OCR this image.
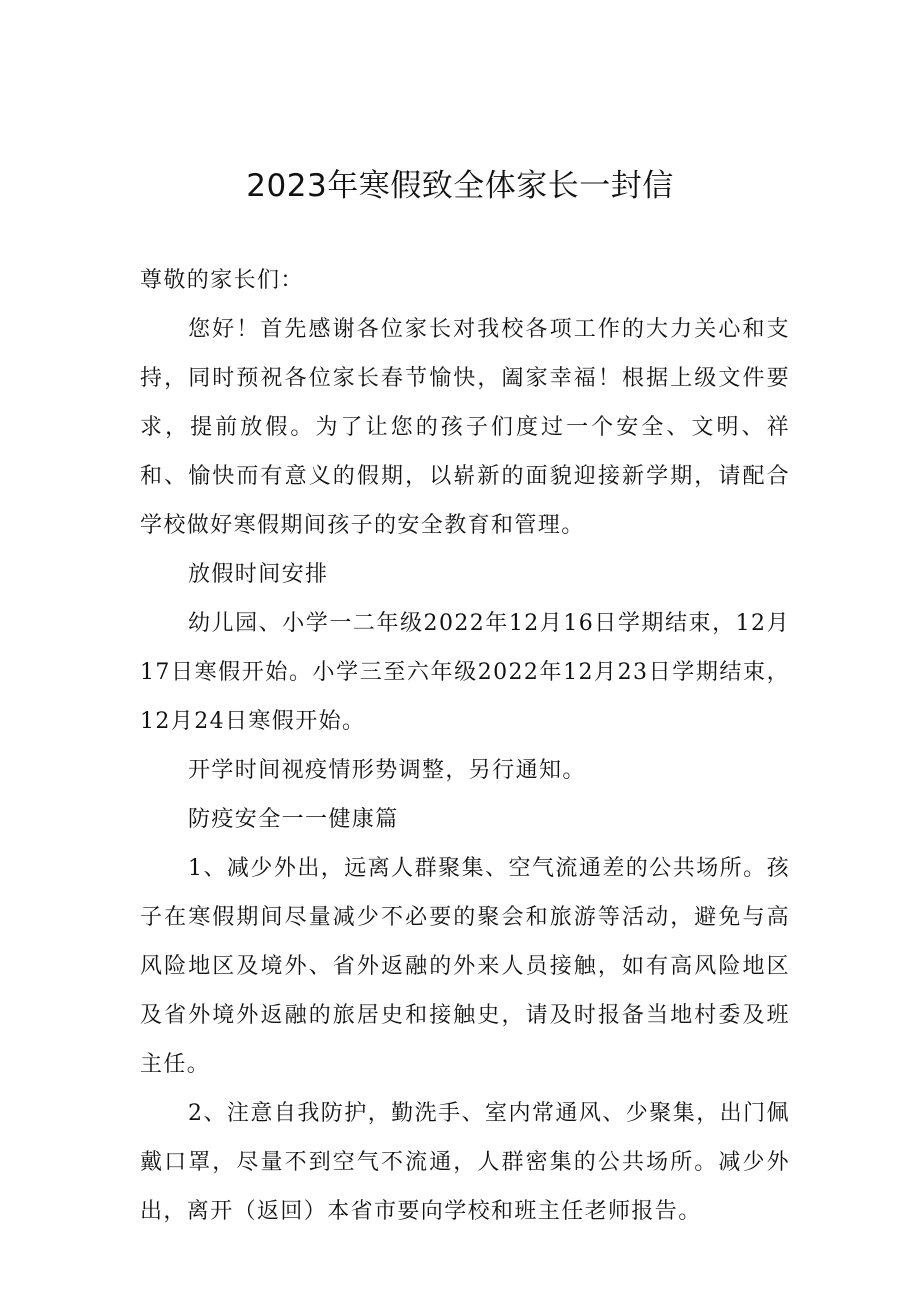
2023年寒假致全体家长一封信

尊敬的家长们：

您好！首先感谢各位家长对我校各项工作的大力关心和支持，同时预祝各位家长春节愉快，阖家幸福！根据上级文件要求，提前放假。为了让您的孩子们度过一个安全、文明、祥和、愉快而有意义的假期，以崭新的面貌迎接新学期，请配合学校做好寒假期间孩子的安全教育和管理。

放假时间安排

幼儿园、小学一二年级2022年12月16日学期结束，12月17日寒假开始。小学三至六年级2022年12月23日学期结束，12月24日寒假开始。

开学时间视疫情形势调整，另行通知。

防疫安全一一健康篇

1、减少外出，远离人群聚集、空气流通差的公共场所。孩子在寒假期间尽量减少不必要的聚会和旅游等活动，避免与高风险地区及境外、省外返融的外来人员接触，如有高风险地区及省外境外返融的旅居史和接触史，请及时报备当地村委及班主任。

2、注意自我防护，勤洗手、室内常通风、少聚集，出门佩戴口罩，尽量不到空气不流通，人群密集的公共场所。减少外出，离开（返回）本省市要向学校和班主任老师报告。
